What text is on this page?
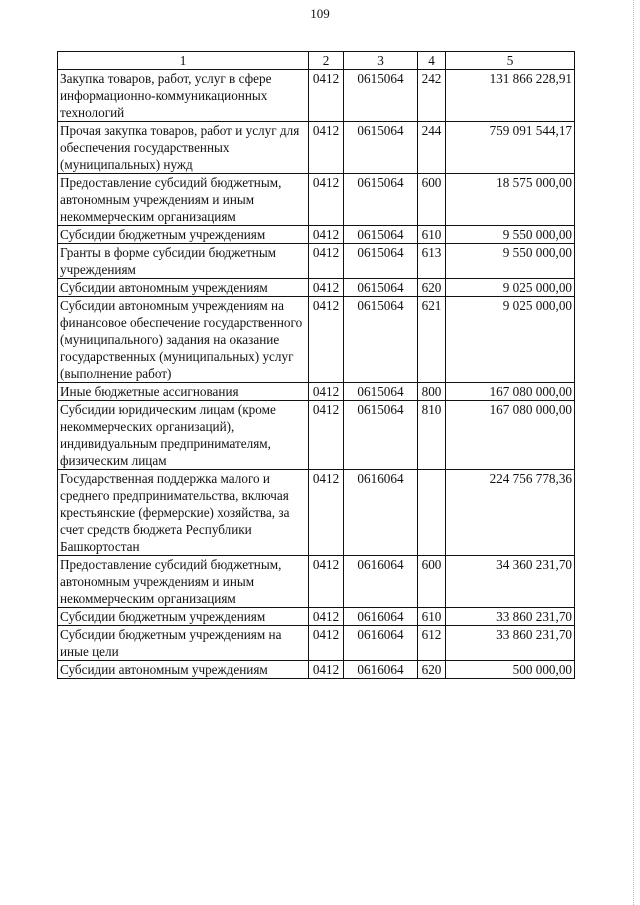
109
1	2	3	4	5
Закупка товаров, работ, услуг в сфере информационно-коммуникационных технологий	0412	0615064	242	131 866 228,91
Прочая закупка товаров, работ и услуг для обеспечения государственных (муниципальных) нужд	0412	0615064	244	759 091 544,17
Предоставление субсидий бюджетным, автономным учреждениям и иным некоммерческим организациям	0412	0615064	600	18 575 000,00
Субсидии бюджетным учреждениям	0412	0615064	610	9 550 000,00
Гранты в форме субсидии бюджетным учреждениям	0412	0615064	613	9 550 000,00
Субсидии автономным учреждениям	0412	0615064	620	9 025 000,00
Субсидии автономным учреждениям на финансовое обеспечение государственного (муниципального) задания на оказание государственных (муниципальных) услуг (выполнение работ)	0412	0615064	621	9 025 000,00
Иные бюджетные ассигнования	0412	0615064	800	167 080 000,00
Субсидии юридическим лицам (кроме некоммерческих организаций), индивидуальным предпринимателям, физическим лицам	0412	0615064	810	167 080 000,00
Государственная поддержка малого и среднего предпринимательства, включая крестьянские (фермерские) хозяйства, за счет средств бюджета Республики Башкортостан	0412	0616064		224 756 778,36
Предоставление субсидий бюджетным, автономным учреждениям и иным некоммерческим организациям	0412	0616064	600	34 360 231,70
Субсидии бюджетным учреждениям	0412	0616064	610	33 860 231,70
Субсидии бюджетным учреждениям на иные цели	0412	0616064	612	33 860 231,70
Субсидии автономным учреждениям	0412	0616064	620	500 000,00
